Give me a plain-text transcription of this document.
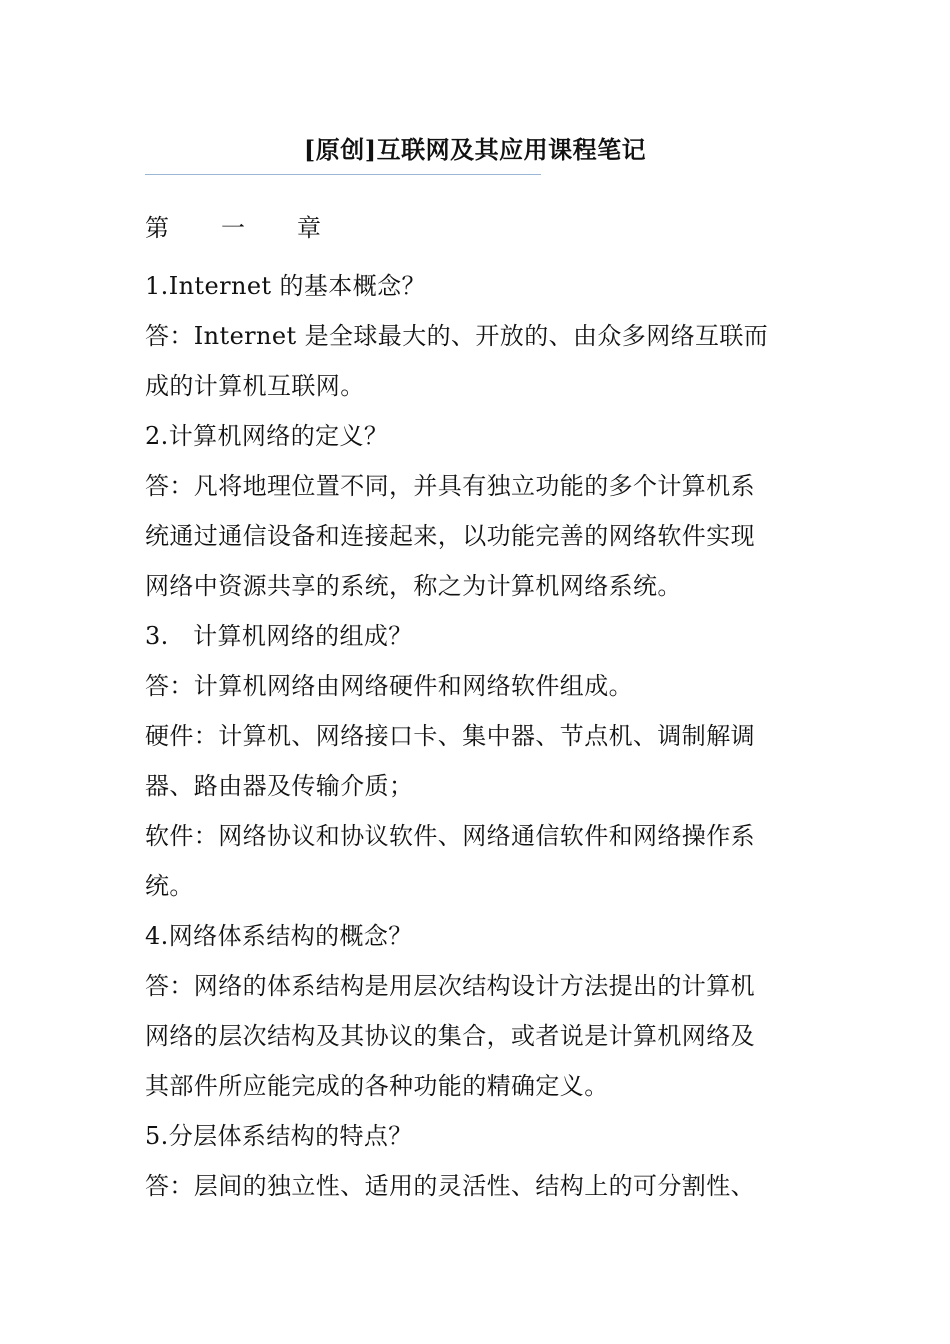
[原创]互联网及其应用课程笔记
第　一　章
1.Internet 的基本概念？
答：Internet 是全球最大的、开放的、由众多网络互联而
成的计算机互联网。
2.计算机网络的定义？
答：凡将地理位置不同，并具有独立功能的多个计算机系
统通过通信设备和连接起来，以功能完善的网络软件实现
网络中资源共享的系统，称之为计算机网络系统。
3.　计算机网络的组成？
答：计算机网络由网络硬件和网络软件组成。
硬件：计算机、网络接口卡、集中器、节点机、调制解调
器、路由器及传输介质；
软件：网络协议和协议软件、网络通信软件和网络操作系
统。
4.网络体系结构的概念？
答：网络的体系结构是用层次结构设计方法提出的计算机
网络的层次结构及其协议的集合，或者说是计算机网络及
其部件所应能完成的各种功能的精确定义。
5.分层体系结构的特点？
答：层间的独立性、适用的灵活性、结构上的可分割性、
